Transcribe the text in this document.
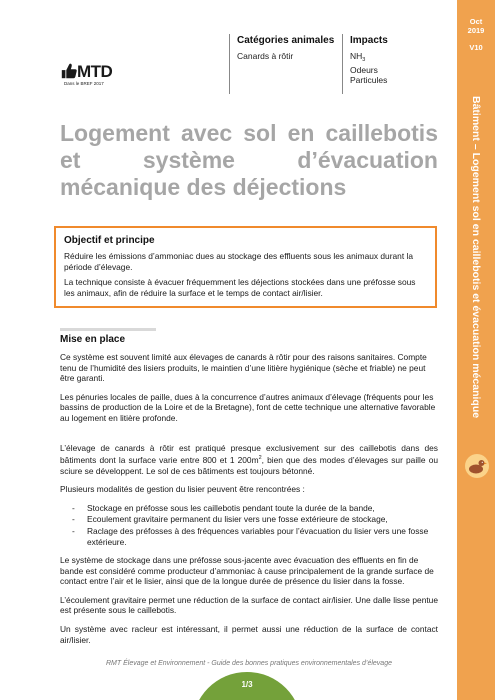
MTD
Dans le BREF 2017
Catégories animales
Canards à rôtir
Impacts
$NH_3$
Odeurs
Particules
Oct
2019
V10
Bâtiment – Logement sol en caillebotis et évacuation mécanique
Logement avec sol en caillebotis
et système d’évacuation
mécanique des déjections
Objectif et principe

Réduire les émissions d’ammoniac dues au stockage des effluents sous les animaux durant la période d’élevage.

La technique consiste à évacuer fréquemment les déjections stockées dans une préfosse sous les animaux, afin de réduire la surface et le temps de contact air/lisier.

Mise en place

Ce système est souvent limité aux élevages de canards à rôtir pour des raisons sanitaires. Compte tenu de l’humidité des lisiers produits, le maintien d’une litière hygiénique (sèche et friable) ne peut être garanti.

Les pénuries locales de paille, dues à la concurrence d’autres animaux d’élevage (fréquents pour les bassins de production de la Loire et de la Bretagne), font de cette technique une alternative favorable au logement en litière profonde.

L’élevage de canards à rôtir est pratiqué presque exclusivement sur des caillebotis dans des bâtiments dont la surface varie entre 800 et 1 $200m^2$, bien que des modes d’élevages sur paille ou sciure se développent. Le sol de ces bâtiments est toujours bétonné.

Plusieurs modalités de gestion du lisier peuvent être rencontrées :

- Stockage en préfosse sous les caillebotis pendant toute la durée de la bande,
- Ecoulement gravitaire permanent du lisier vers une fosse extérieure de stockage,
- Raclage des préfosses à des fréquences variables pour l’évacuation du lisier vers une fosse extérieure.

Le système de stockage dans une préfosse sous-jacente avec évacuation des effluents en fin de bande est considéré comme producteur d’ammoniac à cause principalement de la grande surface de contact entre l’air et le lisier, ainsi que de la longue durée de présence du lisier dans la fosse.

L’écoulement gravitaire permet une réduction de la surface de contact air/lisier. Une dalle lisse pentue est présente sous le caillebotis.

Un système avec racleur est intéressant, il permet aussi une réduction de la surface de contact air/lisier.

RMT Élevage et Environnement - Guide des bonnes pratiques environnementales d’élevage
1/3
